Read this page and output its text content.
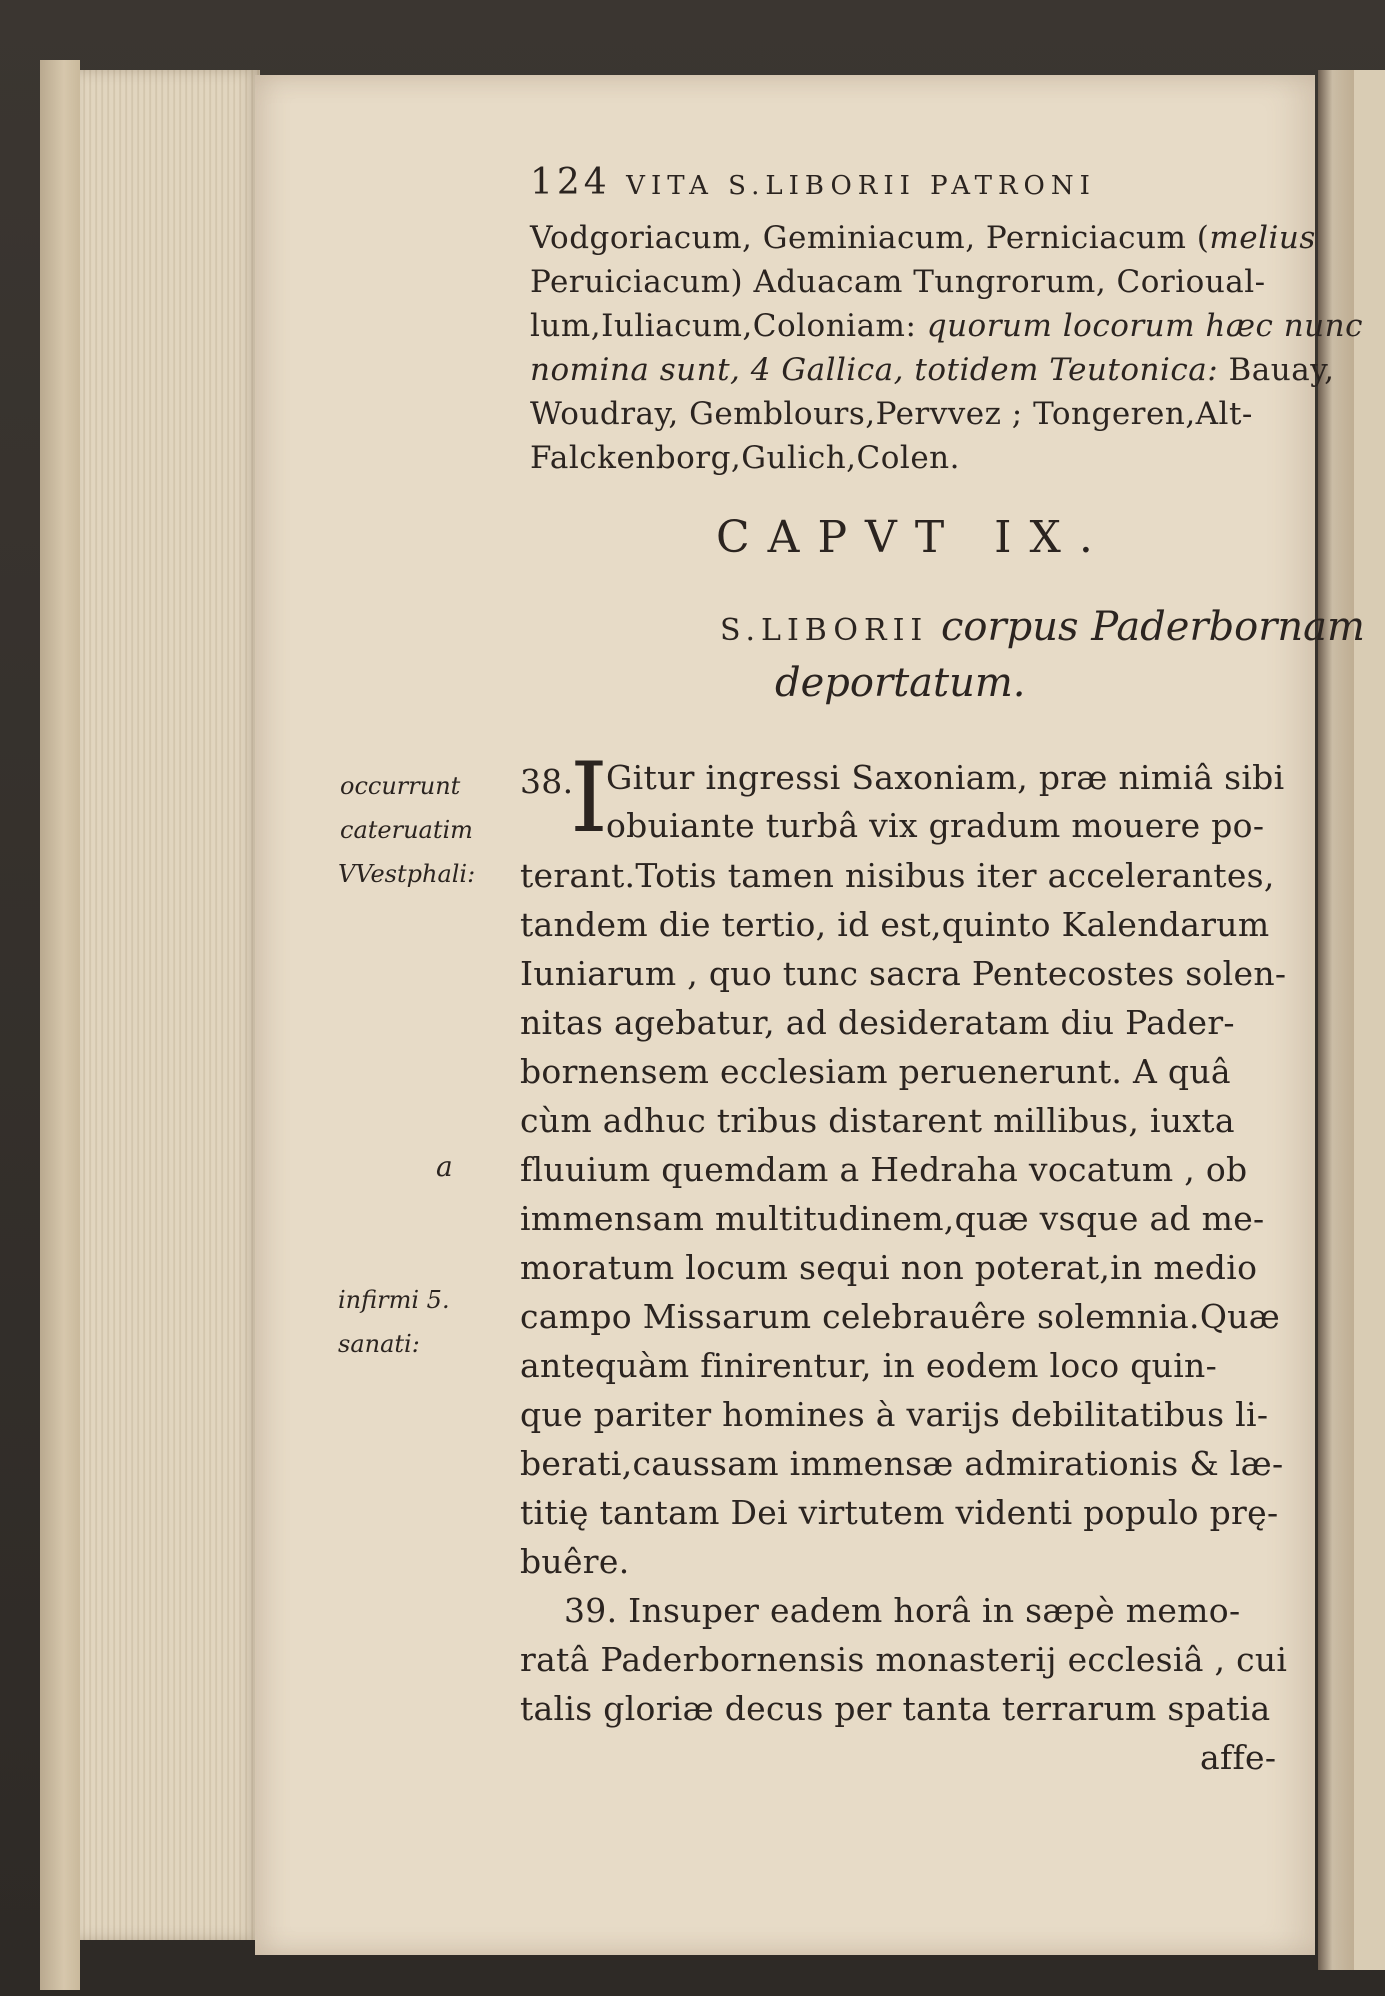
124 VITA S.LIBORII PATRONI
Vodgoriacum, Geminiacum, Perniciacum (melius
Peruiciacum) Aduacam Tungrorum, Corioual-
lum,Iuliacum,Coloniam: quorum locorum hæc nunc
nomina sunt, 4 Gallica, totidem Teutonica: Bauay,
Woudray, Gemblours,Pervvez ; Tongeren,Alt-
Falckenborg,Gulich,Colen.
CAPVT IX.
S.LIBORII corpus Paderbornam
deportatum.
occurrunt
cateruatim
VVestphali:
a
infirmi 5.
sanati:
38.
I
Gitur ingressi Saxoniam, præ nimiâ sibi
obuiante turbâ vix gradum mouere po-
terant.Totis tamen nisibus iter accelerantes,
tandem die tertio, id est,quinto Kalendarum
Iuniarum , quo tunc sacra Pentecostes solen-
nitas agebatur, ad desideratam diu Pader-
bornensem ecclesiam peruenerunt. A quâ
cùm adhuc tribus distarent millibus, iuxta
fluuium quemdam a Hedraha vocatum , ob
immensam multitudinem,quæ vsque ad me-
moratum locum sequi non poterat,in medio
campo Missarum celebrauêre solemnia.Quæ
antequàm finirentur, in eodem loco quin-
que pariter homines à varijs debilitatibus li-
berati,caussam immensæ admirationis & læ-
titię tantam Dei virtutem videnti populo prę-
buêre.
39. Insuper eadem horâ in sæpè memo-
ratâ Paderbornensis monasterij ecclesiâ , cui
talis gloriæ decus per tanta terrarum spatia
affe-
